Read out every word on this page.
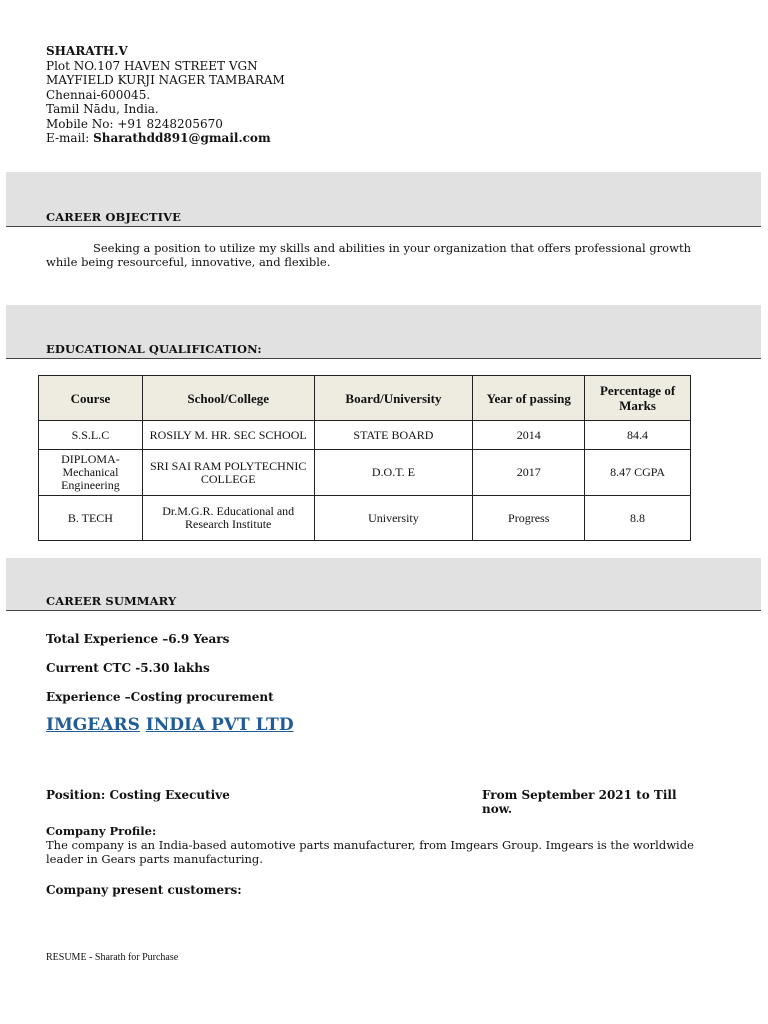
SHARATH.V
Plot NO.107 HAVEN STREET VGN
MAYFIELD KURJI NAGER TAMBARAM
Chennai-600045.
Tamil Nādu, India.
Mobile No: +91 8248205670
E-mail: Sharathdd891@gmail.com
CAREER OBJECTIVE
Seeking a position to utilize my skills and abilities in your organization that offers professional growth while being resourceful, innovative, and flexible.
EDUCATIONAL QUALIFICATION:
Course	School/College	Board/University	Year of passing	Percentage of Marks
S.S.L.C	ROSILY M. HR. SEC SCHOOL	STATE BOARD	2014	84.4
DIPLOMA-Mechanical Engineering	SRI SAI RAM POLYTECHNIC COLLEGE	D.O.T. E	2017	8.47 CGPA
B. TECH	Dr.M.G.R. Educational and Research Institute	University	Progress	8.8
CAREER SUMMARY
Total Experience –6.9 Years
Current CTC -5.30 lakhs
Experience –Costing procurement
IMGEARS INDIA PVT LTD
Position: Costing Executive	From September 2021 to Till now.
Company Profile:
The company is an India-based automotive parts manufacturer, from Imgears Group. Imgears is the worldwide leader in Gears parts manufacturing.
Company present customers:
RESUME - Sharath for Purchase
